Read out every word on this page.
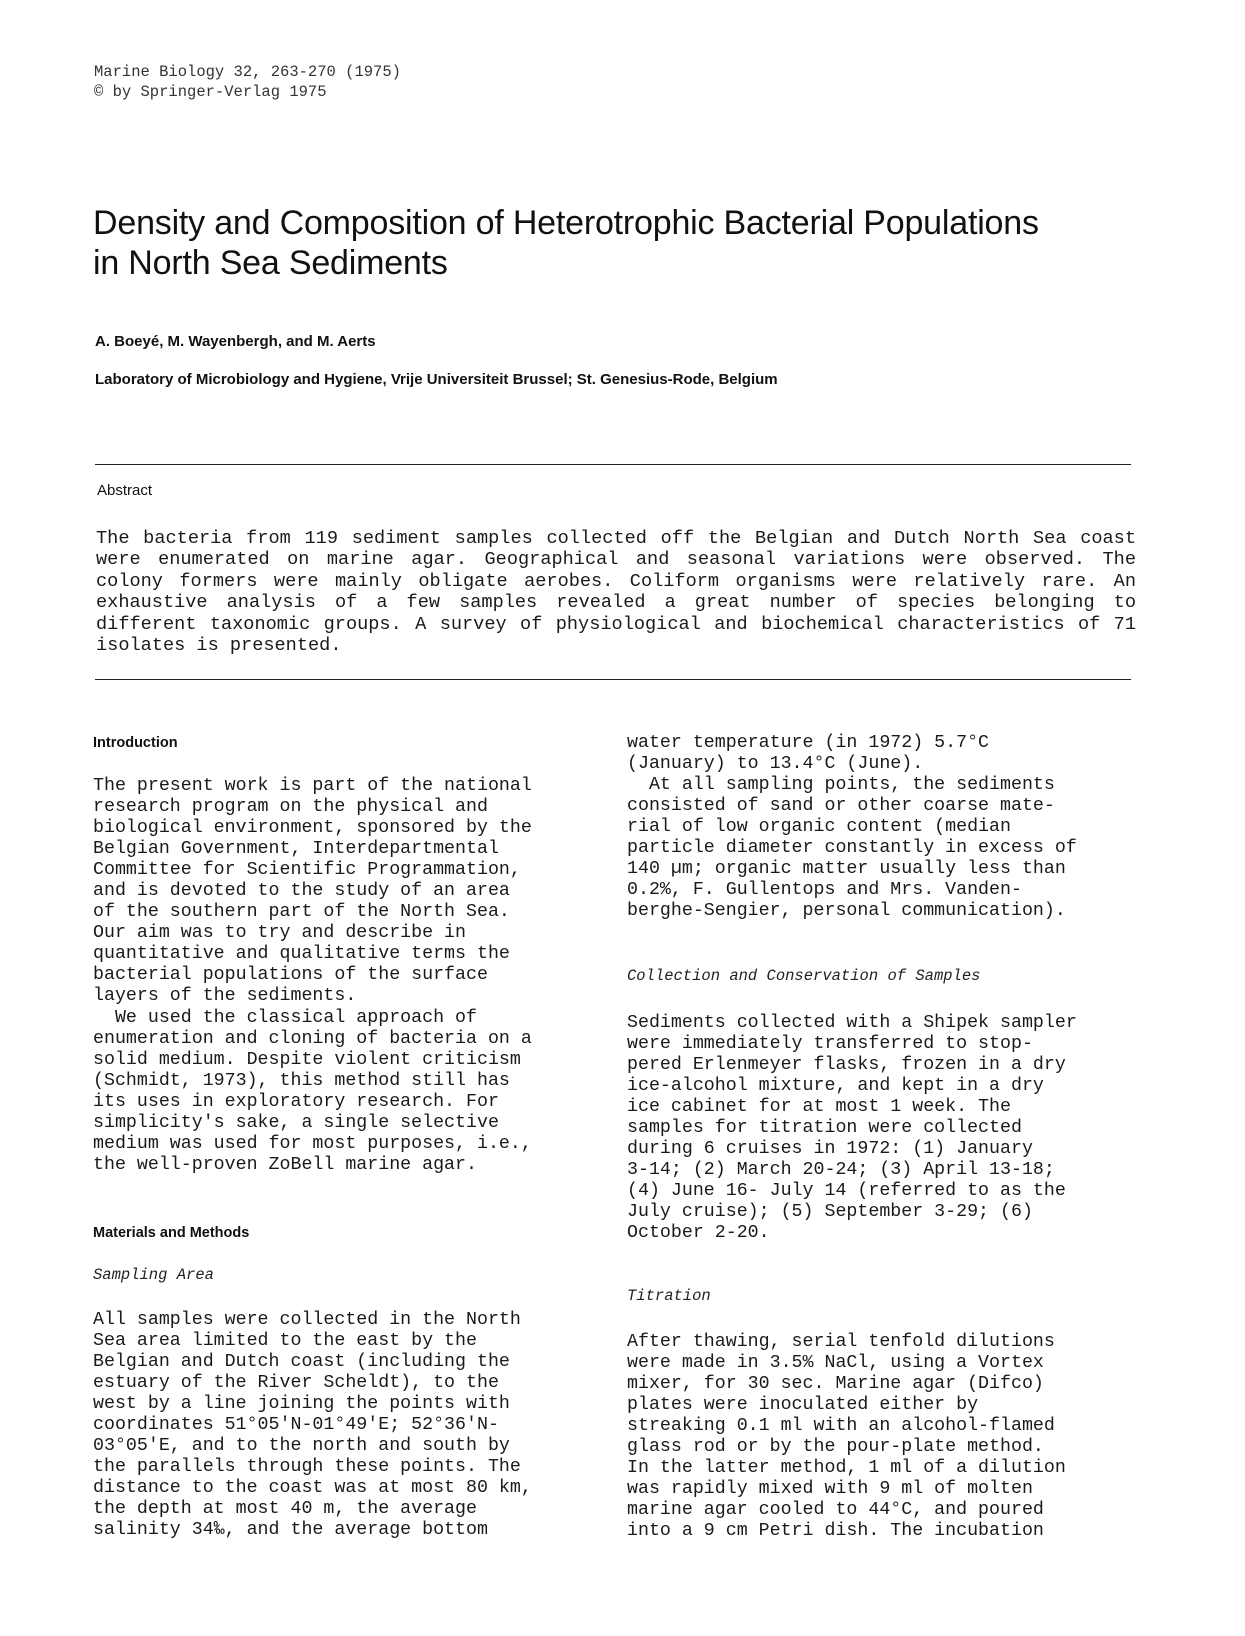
Marine Biology 32, 263-270 (1975)
© by Springer-Verlag 1975
Density and Composition of Heterotrophic Bacterial Populations
in North Sea Sediments
A. Boeyé, M. Wayenbergh, and M. Aerts
Laboratory of Microbiology and Hygiene, Vrije Universiteit Brussel; St. Genesius-Rode, Belgium
Abstract
The bacteria from 119 sediment samples collected off the Belgian and Dutch North Sea coast were enumerated on marine agar. Geographical and seasonal variations were observed. The colony formers were mainly obligate aerobes. Coliform organisms were relatively rare. An exhaustive analysis of a few samples revealed a great number of species belonging to different taxonomic groups. A survey of physiological and biochemical characteristics of 71 isolates is presented.
Introduction

The present work is part of the national
research program on the physical and
biological environment, sponsored by the
Belgian Government, Interdepartmental
Committee for Scientific Programmation,
and is devoted to the study of an area
of the southern part of the North Sea.
Our aim was to try and describe in
quantitative and qualitative terms the
bacterial populations of the surface
layers of the sediments.

We used the classical approach of
enumeration and cloning of bacteria on a
solid medium. Despite violent criticism
(Schmidt, 1973), this method still has
its uses in exploratory research. For
simplicity's sake, a single selective
medium was used for most purposes, i.e.,
the well-proven ZoBell marine agar.

Materials and Methods
Sampling Area

All samples were collected in the North
Sea area limited to the east by the
Belgian and Dutch coast (including the
estuary of the River Scheldt), to the
west by a line joining the points with
coordinates 51°05'N-01°49'E; 52°36'N-
03°05'E, and to the north and south by
the parallels through these points. The
distance to the coast was at most 80 km,
the depth at most 40 m, the average
salinity 34‰, and the average bottom

water temperature (in 1972) 5.7°C
(January) to 13.4°C (June).

At all sampling points, the sediments
consisted of sand or other coarse mate-
rial of low organic content (median
particle diameter constantly in excess of
140 µm; organic matter usually less than
0.2%, F. Gullentops and Mrs. Vanden-
berghe-Sengier, personal communication).

Collection and Conservation of Samples

Sediments collected with a Shipek sampler
were immediately transferred to stop-
pered Erlenmeyer flasks, frozen in a dry
ice-alcohol mixture, and kept in a dry
ice cabinet for at most 1 week. The
samples for titration were collected
during 6 cruises in 1972: (1) January
3-14; (2) March 20-24; (3) April 13-18;
(4) June 16- July 14 (referred to as the
July cruise); (5) September 3-29; (6)
October 2-20.

Titration

After thawing, serial tenfold dilutions
were made in 3.5% NaCl, using a Vortex
mixer, for 30 sec. Marine agar (Difco)
plates were inoculated either by
streaking 0.1 ml with an alcohol-flamed
glass rod or by the pour-plate method.
In the latter method, 1 ml of a dilution
was rapidly mixed with 9 ml of molten
marine agar cooled to 44°C, and poured
into a 9 cm Petri dish. The incubation
